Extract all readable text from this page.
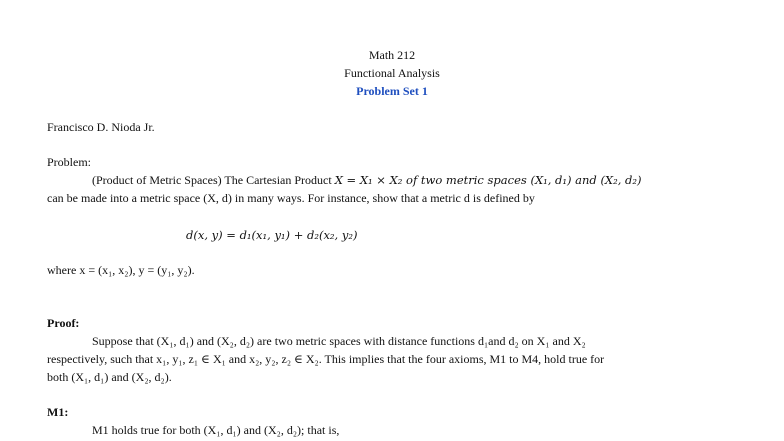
Math 212
Functional Analysis
Problem Set 1
Francisco D. Nioda Jr.
Problem:
(Product of Metric Spaces) The Cartesian Product X = X₁ × X₂ of two metric spaces (X₁, d₁) and (X₂, d₂)
can be made into a metric space (X, d) in many ways. For instance, show that a metric d is defined by
d(x, y) = d₁(x₁, y₁) + d₂(x₂, y₂)
where x = (x₁, x₂), y = (y₁, y₂).
Proof:
Suppose that (X₁, d₁) and (X₂, d₂) are two metric spaces with distance functions d₁and d₂ on X₁ and X₂
respectively, such that x₁, y₁, z₁ ∈ X₁ and x₂, y₂, z₂ ∈ X₂. This implies that the four axioms, M1 to M4, hold true for
both (X₁, d₁) and (X₂, d₂).
M1:
M1 holds true for both (X₁, d₁) and (X₂, d₂); that is,
